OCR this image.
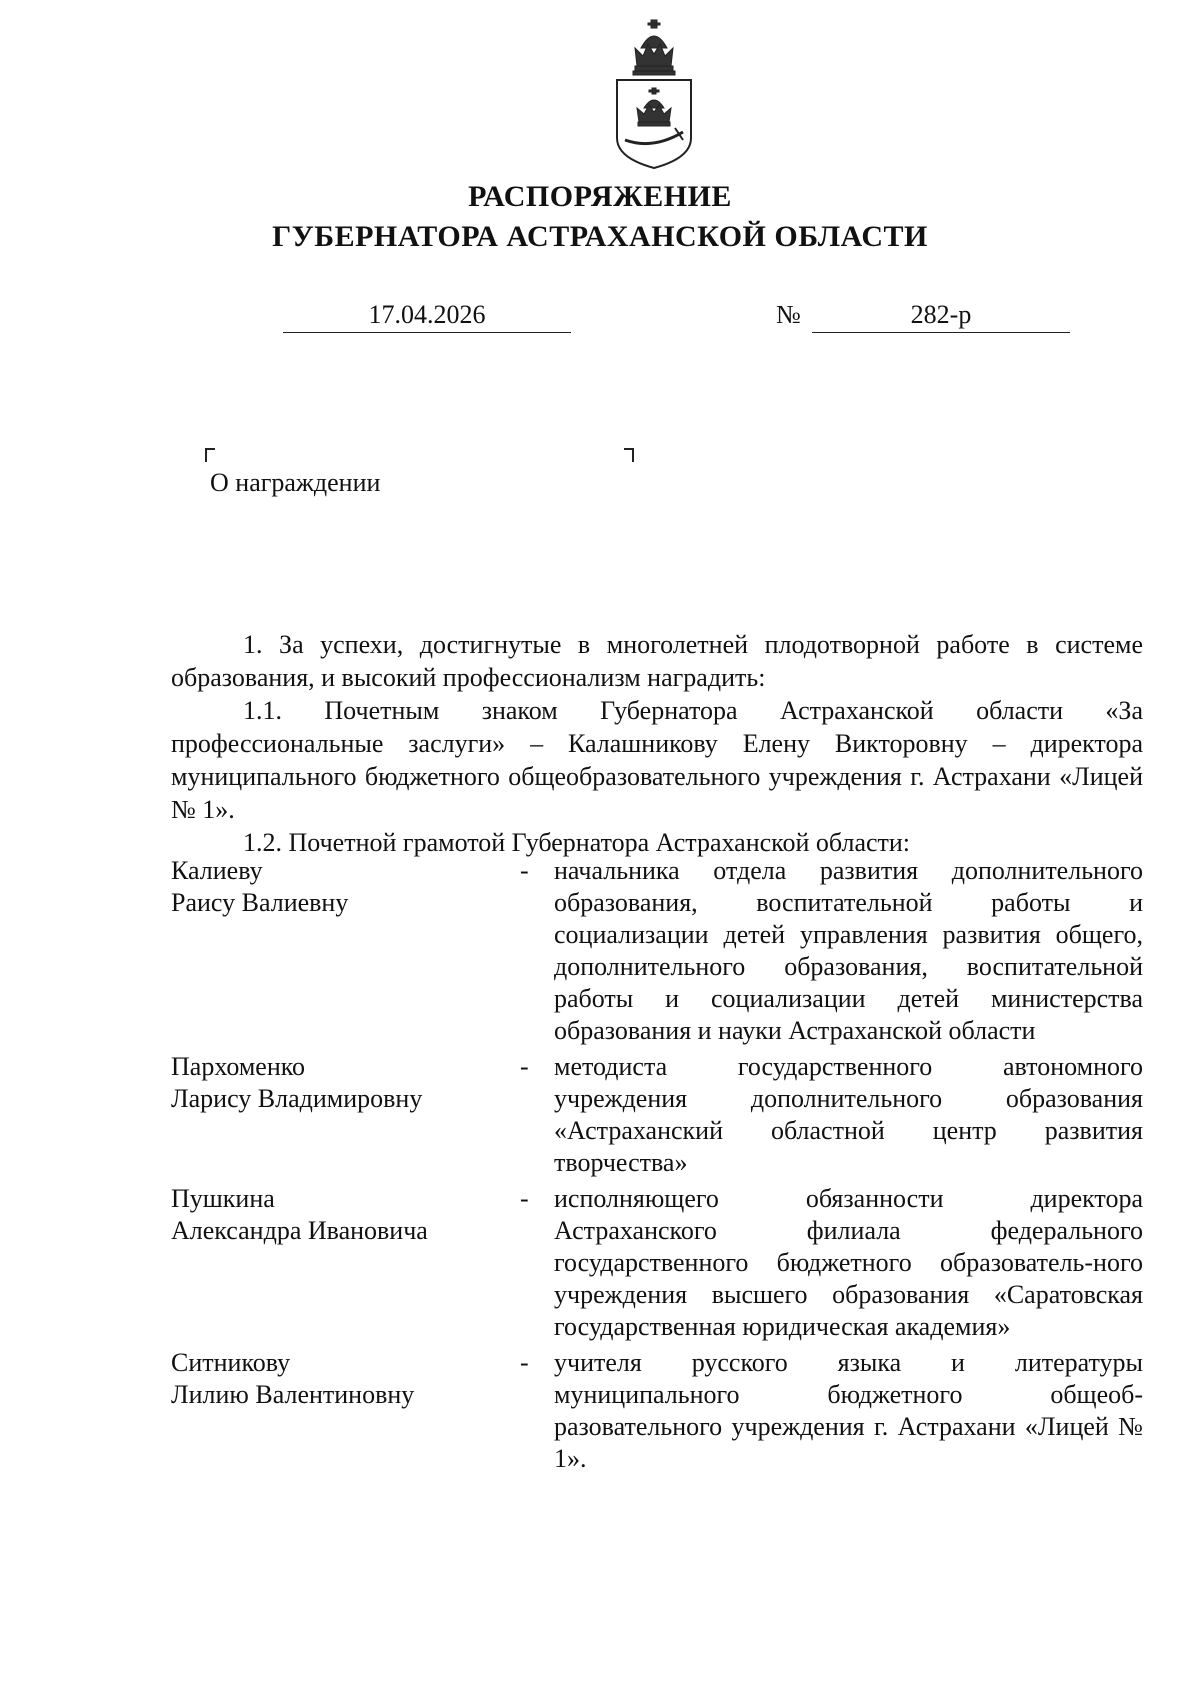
РАСПОРЯЖЕНИЕ
ГУБЕРНАТОРА АСТРАХАНСКОЙ ОБЛАСТИ
17.04.2026	№	282-р
О награждении

1. За успехи, достигнутые в многолетней плодотворной работе в системе образования, и высокий профессионализм наградить:

1.1. Почетным знаком Губернатора Астраханской области «За профессиональные заслуги» – Калашникову Елену Викторовну – директора муниципального бюджетного общеобразовательного учреждения г. Астрахани «Лицей № 1».

1.2. Почетной грамотой Губернатора Астраханской области:

Калиеву
Раису Валиевну
- начальника отдела развития дополнительного образования, воспитательной работы и социализации детей управления развития общего, дополнительного образования, воспитательной работы и социализации детей министерства образования и науки Астраханской области
Пархоменко
Ларису Владимировну
- методиста государственного автономного учреждения дополнительного образования «Астраханский областной центр развития творчества»
Пушкина
Александра Ивановича
- исполняющего обязанности директора Астраханского филиала федерального государственного бюджетного образователь-ного учреждения высшего образования «Саратовская государственная юридическая академия»
Ситникову
Лилию Валентиновну
- учителя русского языка и литературы муниципального бюджетного общеоб-разовательного учреждения г. Астрахани «Лицей № 1».
